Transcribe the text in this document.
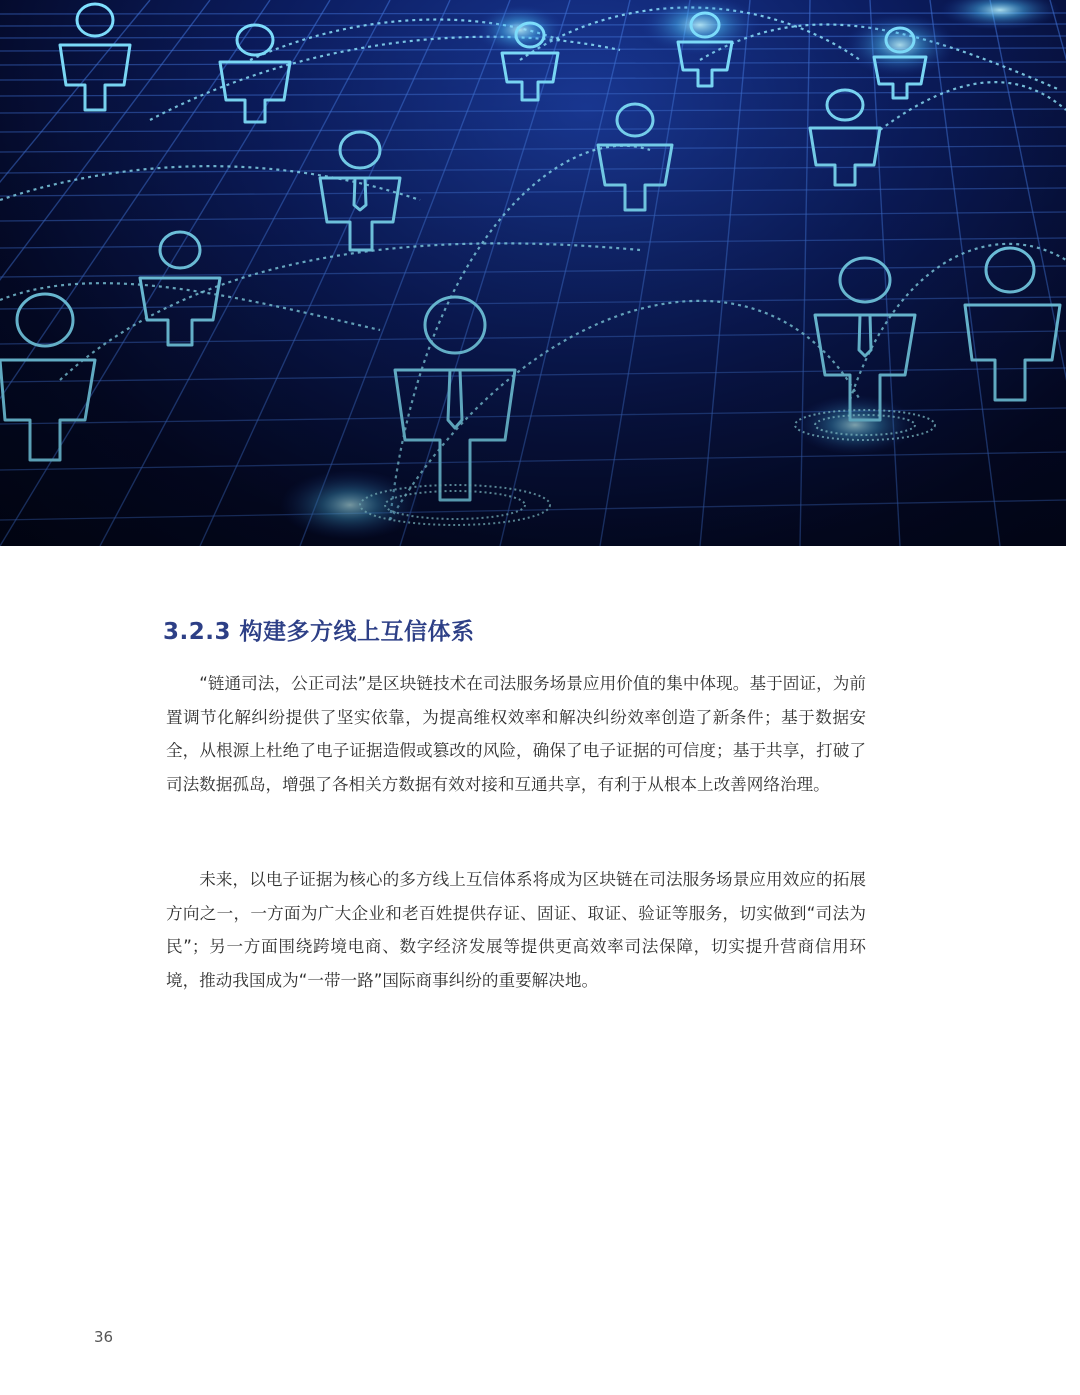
3.2.3 构建多方线上互信体系

“链通司法，公正司法”是区块链技术在司法服务场景应用价值的集中体现。基于固证，为前置调节化解纠纷提供了坚实依靠，为提高维权效率和解决纠纷效率创造了新条件；基于数据安全，从根源上杜绝了电子证据造假或篡改的风险，确保了电子证据的可信度；基于共享，打破了司法数据孤岛，增强了各相关方数据有效对接和互通共享，有利于从根本上改善网络治理。

未来，以电子证据为核心的多方线上互信体系将成为区块链在司法服务场景应用效应的拓展方向之一，一方面为广大企业和老百姓提供存证、固证、取证、验证等服务，切实做到“司法为民”；另一方面围绕跨境电商、数字经济发展等提供更高效率司法保障，切实提升营商信用环境，推动我国成为“一带一路”国际商事纠纷的重要解决地。

36
